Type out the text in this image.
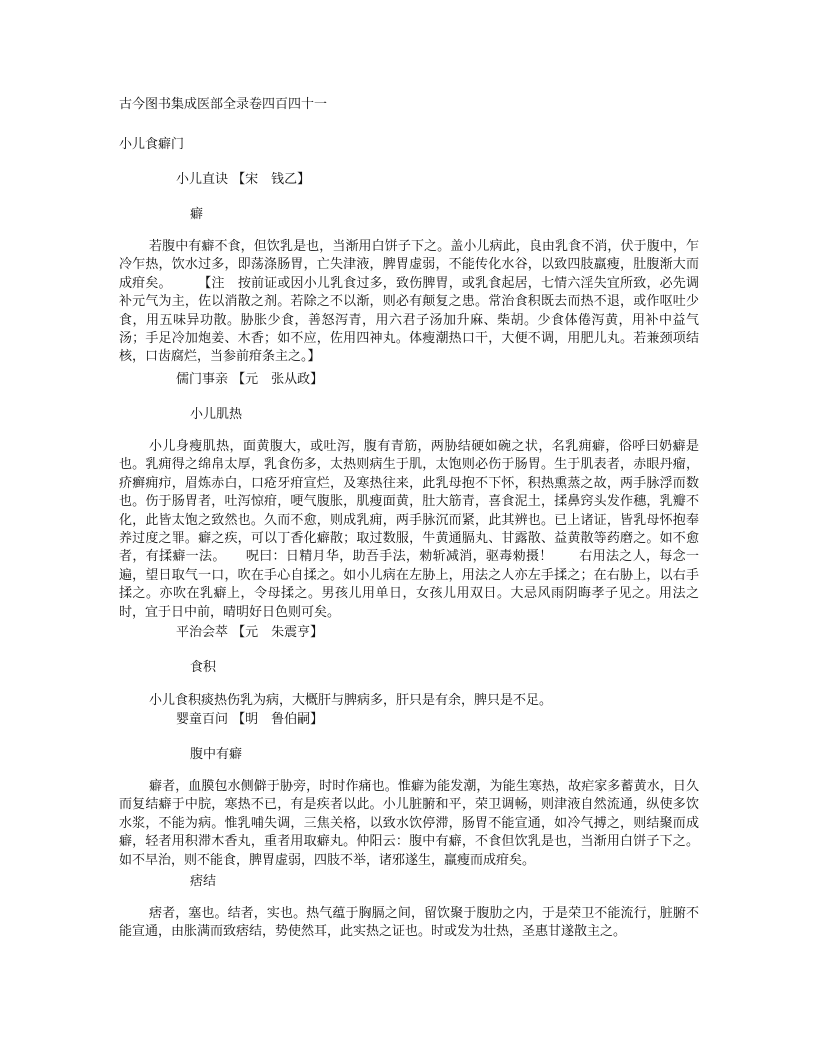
古今图书集成医部全录卷四百四十一
小儿食癖门
小儿直诀 【宋　钱乙】
癖
若腹中有癖不食，但饮乳是也，当渐用白饼子下之。盖小儿病此，良由乳食不消，伏于腹中，乍冷乍热，饮水过多，即荡涤肠胃，亡失津液，脾胃虚弱，不能传化水谷，以致四肢羸瘦，肚腹渐大而成疳矣。　　　【注　按前证或因小儿乳食过多，致伤脾胃，或乳食起居，七情六淫失宜所致，必先调补元气为主，佐以消散之剂。若除之不以渐，则必有颠复之患。常治食积既去而热不退，或作呕吐少食，用五味异功散。胁胀少食，善怒泻青，用六君子汤加升麻、柴胡。少食体倦泻黄，用补中益气汤；手足冷加炮姜、木香；如不应，佐用四神丸。体瘦潮热口干，大便不调，用肥儿丸。若兼颈项结核，口齿腐烂，当参前疳条主之。】
儒门事亲 【元　张从政】
小儿肌热
小儿身瘦肌热，面黄腹大，或吐泻，腹有青筋，两胁结硬如碗之状，名乳痈癖，俗呼曰奶癖是也。乳痈得之绵帛太厚，乳食伤多，太热则病生于肌，太饱则必伤于肠胃。生于肌表者，赤眼丹瘤，疥癣痈疖，眉炼赤白，口疮牙疳宣烂，及寒热往来，此乳母抱不下怀，积热熏蒸之故，两手脉浮而数也。伤于肠胃者，吐泻惊疳，哽气腹胀，肌瘦面黄，肚大筋青，喜食泥土，揉鼻窍头发作穗，乳瓣不化，此皆太饱之致然也。久而不愈，则成乳痈，两手脉沉而紧，此其辨也。已上诸证，皆乳母怀抱奉养过度之罪。癖之疾，可以丁香化癖散；取过数服，牛黄通膈丸、甘露散、益黄散等药磨之。如不愈者，有揉癖一法。　　呪曰：日精月华，助吾手法，勑斩减消，驱毒勑摄！　　右用法之人，每念一遍，望日取气一口，吹在手心自揉之。如小儿病在左胁上，用法之人亦左手揉之；在右胁上，以右手揉之。亦吹在乳癖上，令母揉之。男孩儿用单日，女孩儿用双日。大忌风雨阴晦孝子见之。用法之时，宜于日中前，晴明好日色则可矣。
平治会萃 【元　朱震亨】
食积
小儿食积痰热伤乳为病，大概肝与脾病多，肝只是有余，脾只是不足。
婴童百问 【明　鲁伯嗣】
腹中有癖
癖者，血膜包水侧僻于胁旁，时时作痛也。惟癖为能发潮，为能生寒热，故疟家多蓄黄水，日久而复结癖于中脘，寒热不已，有是疾者以此。小儿脏腑和平，荣卫调畅，则津液自然流通，纵使多饮水浆，不能为病。惟乳哺失调，三焦关格，以致水饮停滞，肠胃不能宣通，如冷气搏之，则结聚而成癖，轻者用积滞木香丸，重者用取癖丸。仲阳云：腹中有癖，不食但饮乳是也，当渐用白饼子下之。如不早治，则不能食，脾胃虚弱，四肢不举，诸邪遂生，羸瘦而成疳矣。
痞结
痞者，塞也。结者，实也。热气蕴于胸膈之间，留饮聚于腹肋之内，于是荣卫不能流行，脏腑不能宣通，由胀满而致痞结，势使然耳，此实热之证也。时或发为壮热，圣惠甘遂散主之。
